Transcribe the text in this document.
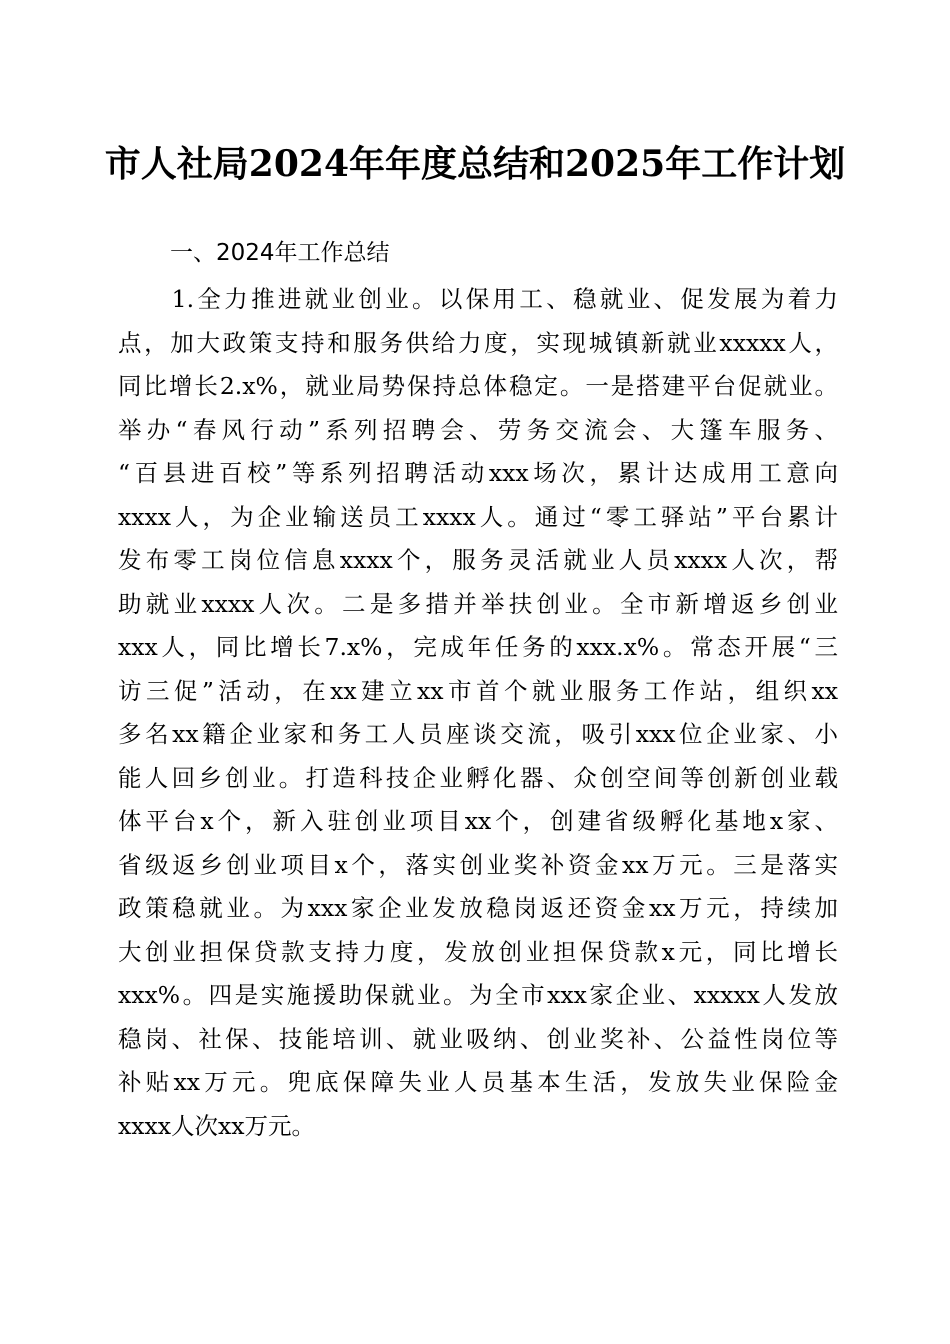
市人社局2024年年度总结和2025年工作计划
一、2024年工作总结
　　1.全力推进就业创业。以保用工、稳就业、促发展为着力
点，加大政策支持和服务供给力度，实现城镇新就业xxxxx人，
同比增长2.x%，就业局势保持总体稳定。一是搭建平台促就业。
举办“春风行动”系列招聘会、劳务交流会、大篷车服务、
“百县进百校”等系列招聘活动xxx场次，累计达成用工意向
xxxx人，为企业输送员工xxxx人。通过“零工驿站”平台累计
发布零工岗位信息xxxx个，服务灵活就业人员xxxx人次，帮
助就业xxxx人次。二是多措并举扶创业。全市新增返乡创业
xxx人，同比增长7.x%，完成年任务的xxx.x%。常态开展“三
访三促”活动，在xx建立xx市首个就业服务工作站，组织xx
多名xx籍企业家和务工人员座谈交流，吸引xxx位企业家、小
能人回乡创业。打造科技企业孵化器、众创空间等创新创业载
体平台x个，新入驻创业项目xx个，创建省级孵化基地x家、
省级返乡创业项目x个，落实创业奖补资金xx万元。三是落实
政策稳就业。为xxx家企业发放稳岗返还资金xx万元，持续加
大创业担保贷款支持力度，发放创业担保贷款x元，同比增长
xxx%。四是实施援助保就业。为全市xxx家企业、xxxxx人发放
稳岗、社保、技能培训、就业吸纳、创业奖补、公益性岗位等
补贴xx万元。兜底保障失业人员基本生活，发放失业保险金
xxxx人次xx万元。
